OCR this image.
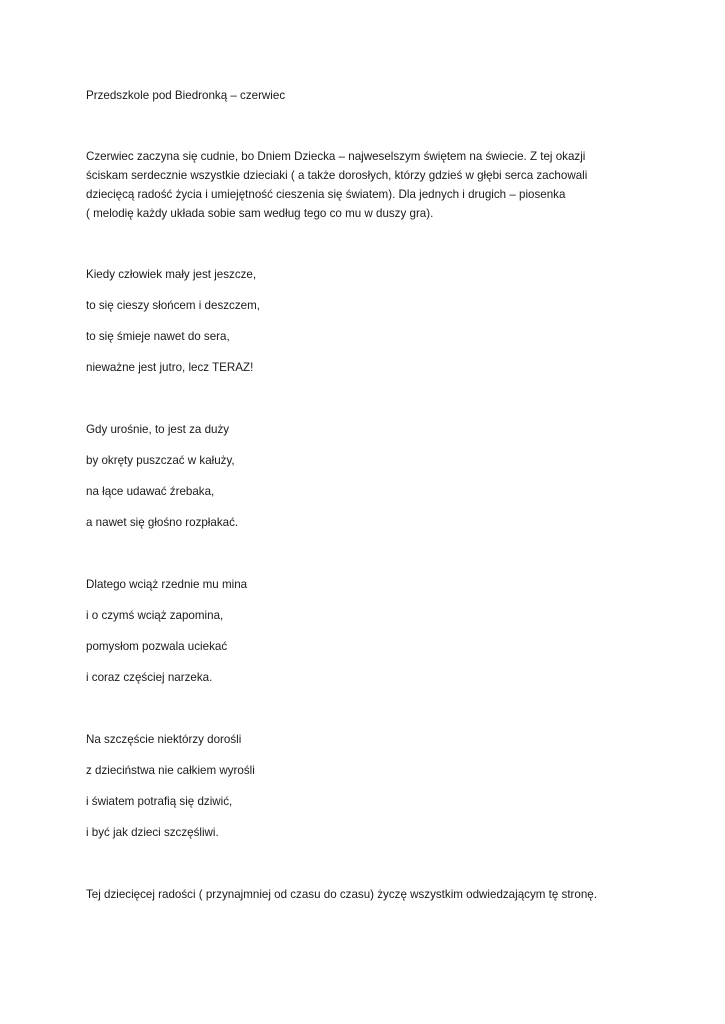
Przedszkole pod Biedronką – czerwiec
Czerwiec zaczyna się cudnie, bo Dniem Dziecka – najweselszym świętem na świecie. Z tej okazji
ściskam serdecznie wszystkie dzieciaki ( a także dorosłych, którzy gdzieś w głębi serca zachowali
dziecięcą radość życia i umiejętność cieszenia się światem). Dla jednych i drugich – piosenka
( melodię każdy układa sobie sam według tego co mu w duszy gra).
Kiedy człowiek mały jest jeszcze,
to się cieszy słońcem i deszczem,
to się śmieje nawet do sera,
nieważne jest jutro, lecz TERAZ!
Gdy urośnie, to jest za duży
by okręty puszczać w kałuży,
na łące udawać źrebaka,
a nawet się głośno rozpłakać.
Dlatego wciąż rzednie mu mina
i o czymś wciąż zapomina,
pomysłom pozwala uciekać
i coraz częściej narzeka.
Na szczęście niektórzy dorośli
z dzieciństwa nie całkiem wyrośli
i światem potrafią się dziwić,
i być jak dzieci szczęśliwi.
Tej dziecięcej radości ( przynajmniej od czasu do czasu) życzę wszystkim odwiedzającym tę stronę.
